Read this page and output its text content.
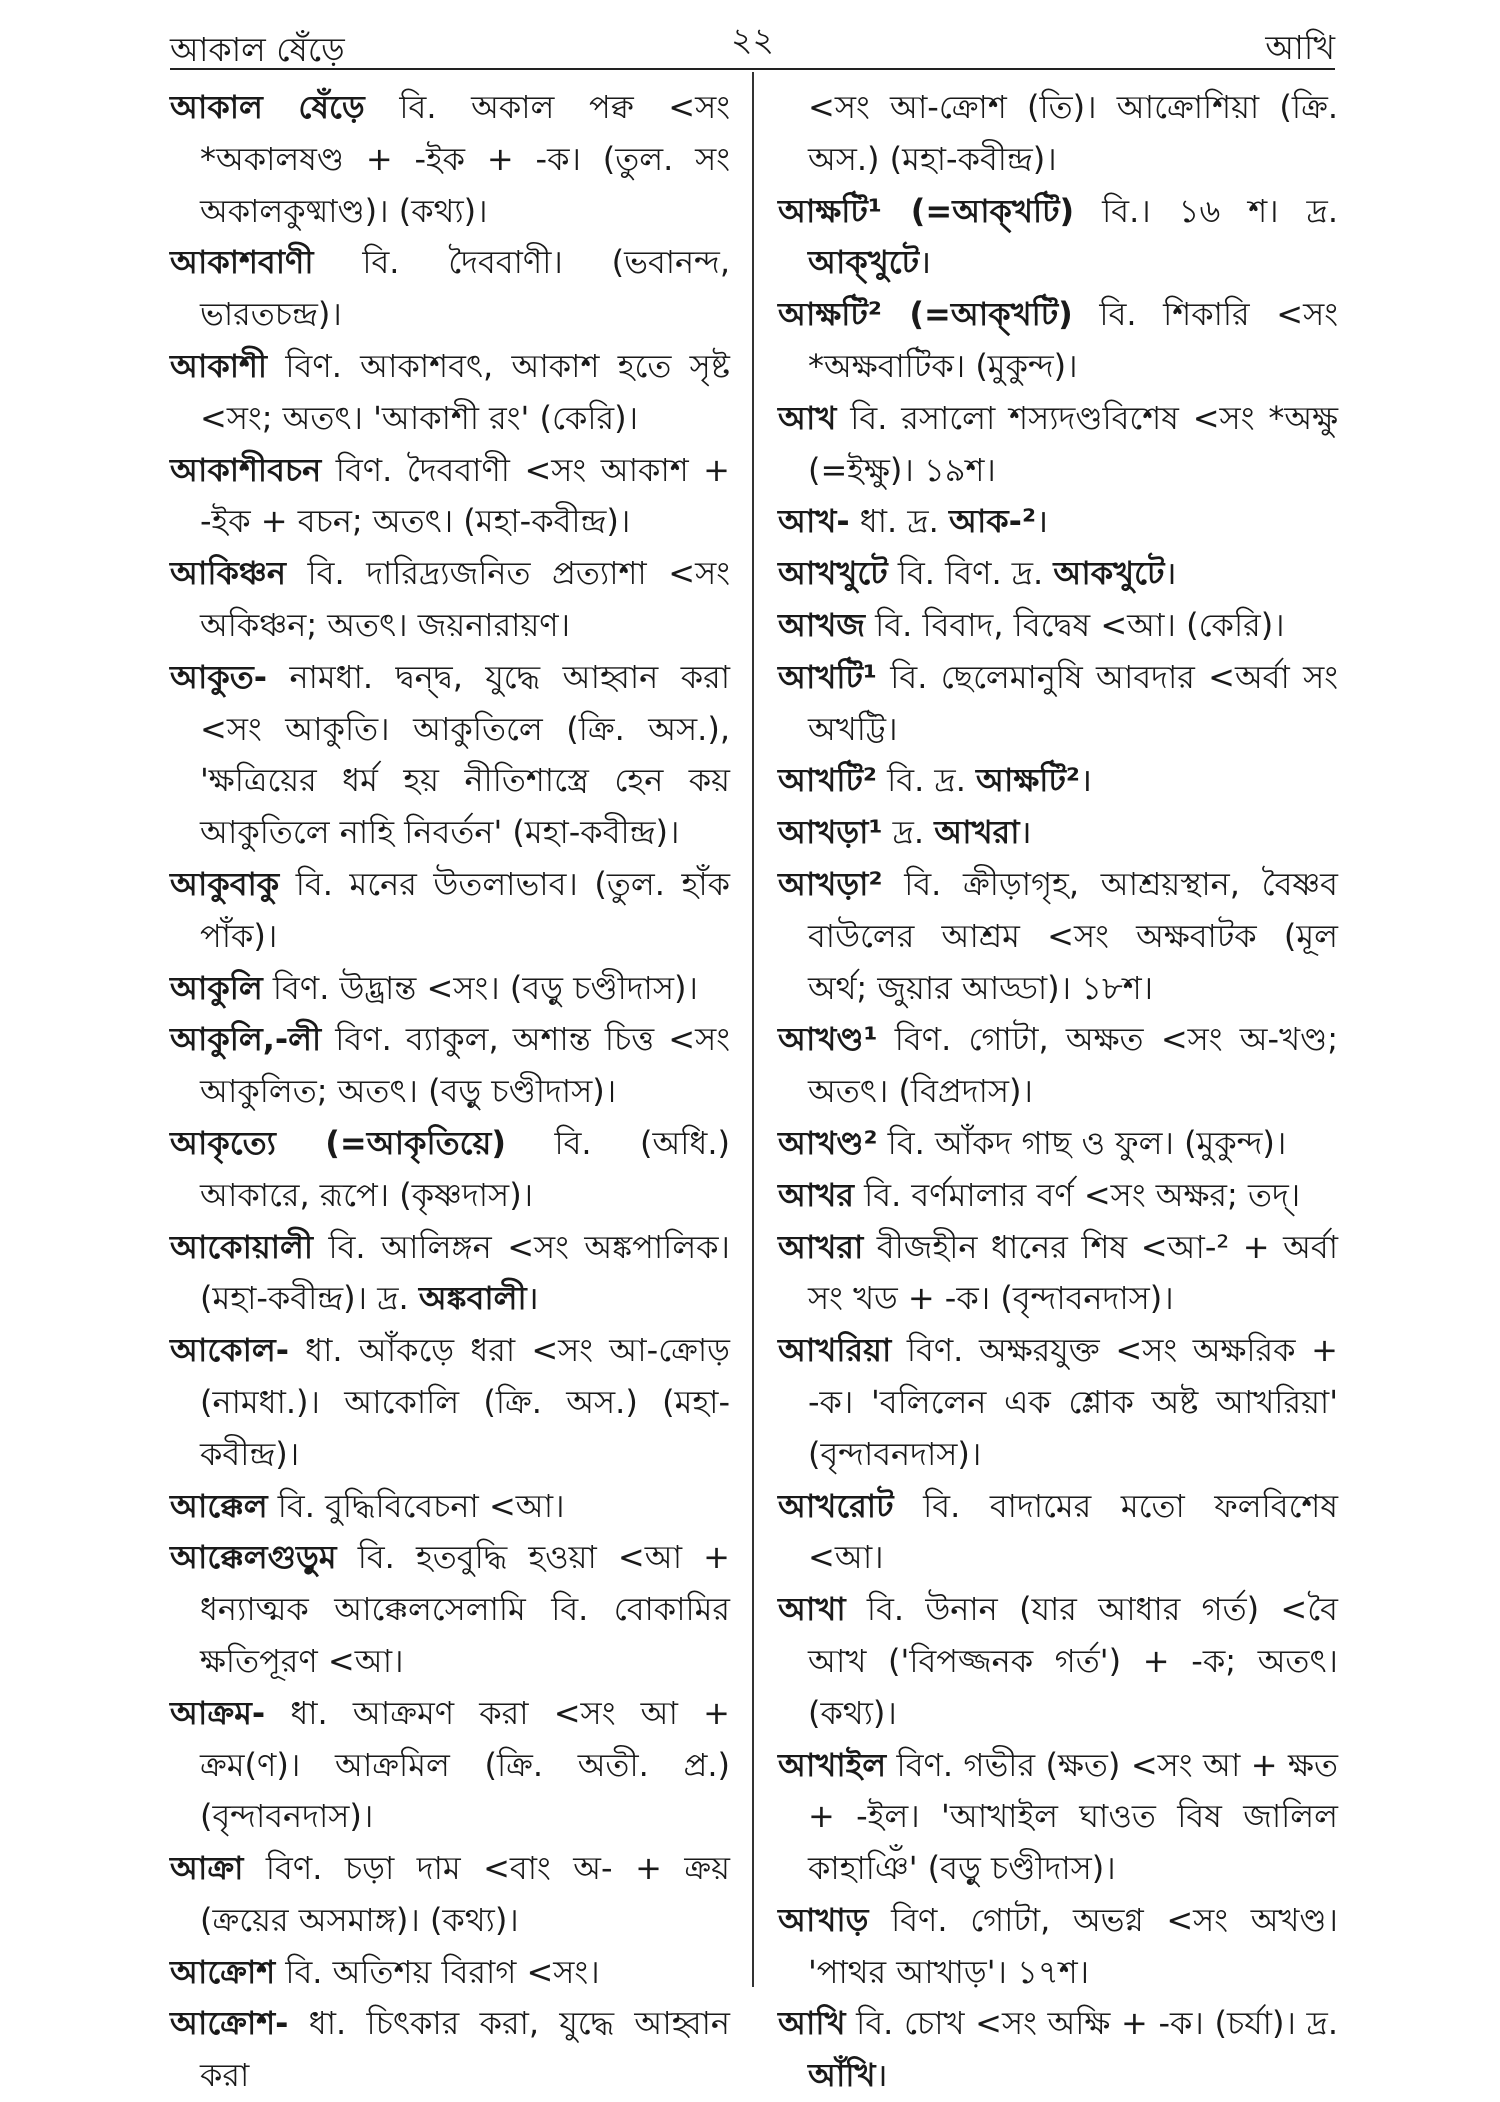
আকাল ষেঁড়ে	২২	আখি
আকাল ষেঁড়ে বি. অকাল পক্ব <সং *অকালষণ্ড + -ইক + -ক। (তুল. সং অকালকুষ্মাণ্ড)। (কথ্য)।
আকাশবাণী বি. দৈববাণী। (ভবানন্দ, ভারতচন্দ্র)।
আকাশী বিণ. আকাশবৎ, আকাশ হতে সৃষ্ট <সং; অতৎ। 'আকাশী রং' (কেরি)।
আকাশীবচন বিণ. দৈববাণী <সং আকাশ + -ইক + বচন; অতৎ। (মহা-কবীন্দ্র)।
আকিঞ্চন বি. দারিদ্র্যজনিত প্রত্যাশা <সং অকিঞ্চন; অতৎ। জয়নারায়ণ।
আকুত- নামধা. দ্বন্দ্ব, যুদ্ধে আহ্বান করা <সং আকুতি। আকুতিলে (ক্রি. অস.), 'ক্ষত্রিয়ের ধর্ম হয় নীতিশাস্ত্রে হেন কয় আকুতিলে নাহি নিবর্তন' (মহা-কবীন্দ্র)।
আকুবাকু বি. মনের উতলাভাব। (তুল. হাঁক পাঁক)।
আকুলি বিণ. উদ্ভ্রান্ত <সং। (বড়ু চণ্ডীদাস)।
আকুলি,-লী বিণ. ব্যাকুল, অশান্ত চিত্ত <সং আকুলিত; অতৎ। (বড়ু চণ্ডীদাস)।
আকৃত্যে (=আকৃতিয়ে) বি. (অধি.) আকারে, রূপে। (কৃষ্ণদাস)।
আকোয়ালী বি. আলিঙ্গন <সং অঙ্কপালিক। (মহা-কবীন্দ্র)। দ্র. অঙ্কবালী।
আকোল- ধা. আঁকড়ে ধরা <সং আ-ক্রোড় (নামধা.)। আকোলি (ক্রি. অস.) (মহা-কবীন্দ্র)।
আক্কেল বি. বুদ্ধিবিবেচনা <আ।
আক্কেলগুড়ুম বি. হতবুদ্ধি হওয়া <আ + ধন্যাত্মক আক্কেলসেলামি বি. বোকামির ক্ষতিপূরণ <আ।
আক্রম- ধা. আক্রমণ করা <সং আ + ক্রম(ণ)। আক্রমিল (ক্রি. অতী. প্র.) (বৃন্দাবনদাস)।
আক্রা বিণ. চড়া দাম <বাং অ- + ক্রয় (ক্রয়ের অসমাঙ্গ)। (কথ্য)।
আক্রোশ বি. অতিশয় বিরাগ <সং।
আক্রোশ- ধা. চিৎকার করা, যুদ্ধে আহ্বান করা
<সং আ-ক্রোশ (তি)। আক্রোশিয়া (ক্রি. অস.) (মহা-কবীন্দ্র)।
আক্ষটি¹ (=আক্‌খটি) বি.। ১৬ শ। দ্র. আক্‌খুটে।
আক্ষটি² (=আক্‌খটি) বি. শিকারি <সং *অক্ষবাটিক। (মুকুন্দ)।
আখ বি. রসালো শস্যদণ্ডবিশেষ <সং *অক্ষু (=ইক্ষু)। ১৯শ।
আখ- ধা. দ্র. আক-²।
আখখুটে বি. বিণ. দ্র. আকখুটে।
আখজ বি. বিবাদ, বিদ্বেষ <আ। (কেরি)।
আখটি¹ বি. ছেলেমানুষি আবদার <অর্বা সং অখট্টি।
আখটি² বি. দ্র. আক্ষটি²।
আখড়া¹ দ্র. আখরা।
আখড়া² বি. ক্রীড়াগৃহ, আশ্রয়স্থান, বৈষ্ণব বাউলের আশ্রম <সং অক্ষবাটক (মূল অর্থ; জুয়ার আড্ডা)। ১৮শ।
আখণ্ড¹ বিণ. গোটা, অক্ষত <সং অ-খণ্ড; অতৎ। (বিপ্রদাস)।
আখণ্ড² বি. আঁকদ গাছ ও ফুল। (মুকুন্দ)।
আখর বি. বর্ণমালার বর্ণ <সং অক্ষর; তদ্।
আখরা বীজহীন ধানের শিষ <আ-² + অর্বা সং খড + -ক। (বৃন্দাবনদাস)।
আখরিয়া বিণ. অক্ষরযুক্ত <সং অক্ষরিক + -ক। 'বলিলেন এক শ্লোক অষ্ট আখরিয়া' (বৃন্দাবনদাস)।
আখরোট বি. বাদামের মতো ফলবিশেষ <আ।
আখা বি. উনান (যার আধার গর্ত) <বৈ আখ ('বিপজ্জনক গর্ত') + -ক; অতৎ। (কথ্য)।
আখাইল বিণ. গভীর (ক্ষত) <সং আ + ক্ষত + -ইল। 'আখাইল ঘাওত বিষ জালিল কাহাঞিঁ' (বড়ু চণ্ডীদাস)।
আখাড় বিণ. গোটা, অভগ্ন <সং অখণ্ড। 'পাথর আখাড়'। ১৭শ।
আখি বি. চোখ <সং অক্ষি + -ক। (চর্যা)। দ্র. আঁখি।
